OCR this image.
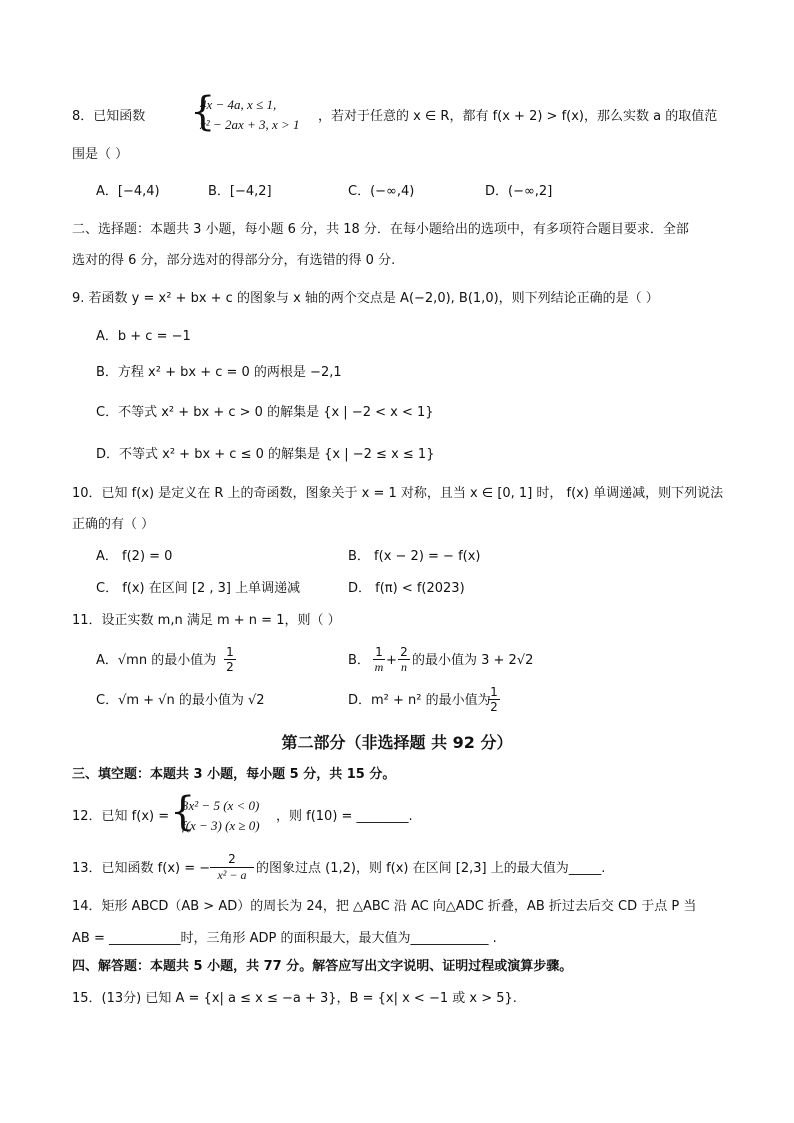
8．已知函数 {
4x − 4a, x ≤ 1,
x² − 2ax + 3, x > 1
，若对于任意的 x ∈ R，都有 f(x + 2) > f(x)，那么实数 a 的取值范
围是（ ）
A．[−4,4)	B．[−4,2]	C．(−∞,4)	D．(−∞,2]
二、选择题：本题共 3 小题，每小题 6 分，共 18 分．在每小题给出的选项中，有多项符合题目要求．全部
选对的得 6 分，部分选对的得部分分，有选错的得 0 分.
9. 若函数 y = x² + bx + c 的图象与 x 轴的两个交点是 A(−2,0), B(1,0)，则下列结论正确的是（ ）
A．b + c = −1
B．方程 x² + bx + c = 0 的两根是 −2,1
C．不等式 x² + bx + c > 0 的解集是 {x | −2 < x < 1}
D．不等式 x² + bx + c ≤ 0 的解集是 {x | −2 ≤ x ≤ 1}
10．已知 f(x) 是定义在 R 上的奇函数，图象关于 x = 1 对称，且当 x ∈ [0, 1] 时， f(x) 单调递减，则下列说法
正确的有（ ）
A． f(2) = 0	B． f(x − 2) = − f(x)
C． f(x) 在区间 [2 , 3] 上单调递减	D． f(π) < f(2023)
11．设正实数 m,n 满足 m + n = 1，则（ ）
A．√mn 的最小值为 $\frac{1}{2}$	B． $\frac{1}{m} + \frac{2}{n}$ 的最小值为 3 + 2√2
C．√m + √n 的最小值为 √2	D．m² + n² 的最小值为
$\frac{1}{2}$
第二部分（非选择题 共 92 分）
三、填空题：本题共 3 小题，每小题 5 分，共 15 分。
12．已知 f(x) = {
3x² − 5 (x < 0)
f(x − 3) (x ≥ 0)
，则 f(10) = ________.
13．已知函数 f(x) = − $\frac{2}{\text{x² − a}}$ 的图象过点 (1,2)，则 f(x) 在区间 [2,3] 上的最大值为_____.
14．矩形 ABCD（AB > AD）的周长为 24，把 △ABC 沿 AC 向△ADC 折叠，AB 折过去后交 CD 于点 P 当
AB = ___________时，三角形 ADP 的面积最大，最大值为____________ .
四、解答题：本题共 5 小题，共 77 分。解答应写出文字说明、证明过程或演算步骤。
15．(13分) 已知 A = {x| a ≤ x ≤ −a + 3}，B = {x| x < −1 或 x > 5}.
